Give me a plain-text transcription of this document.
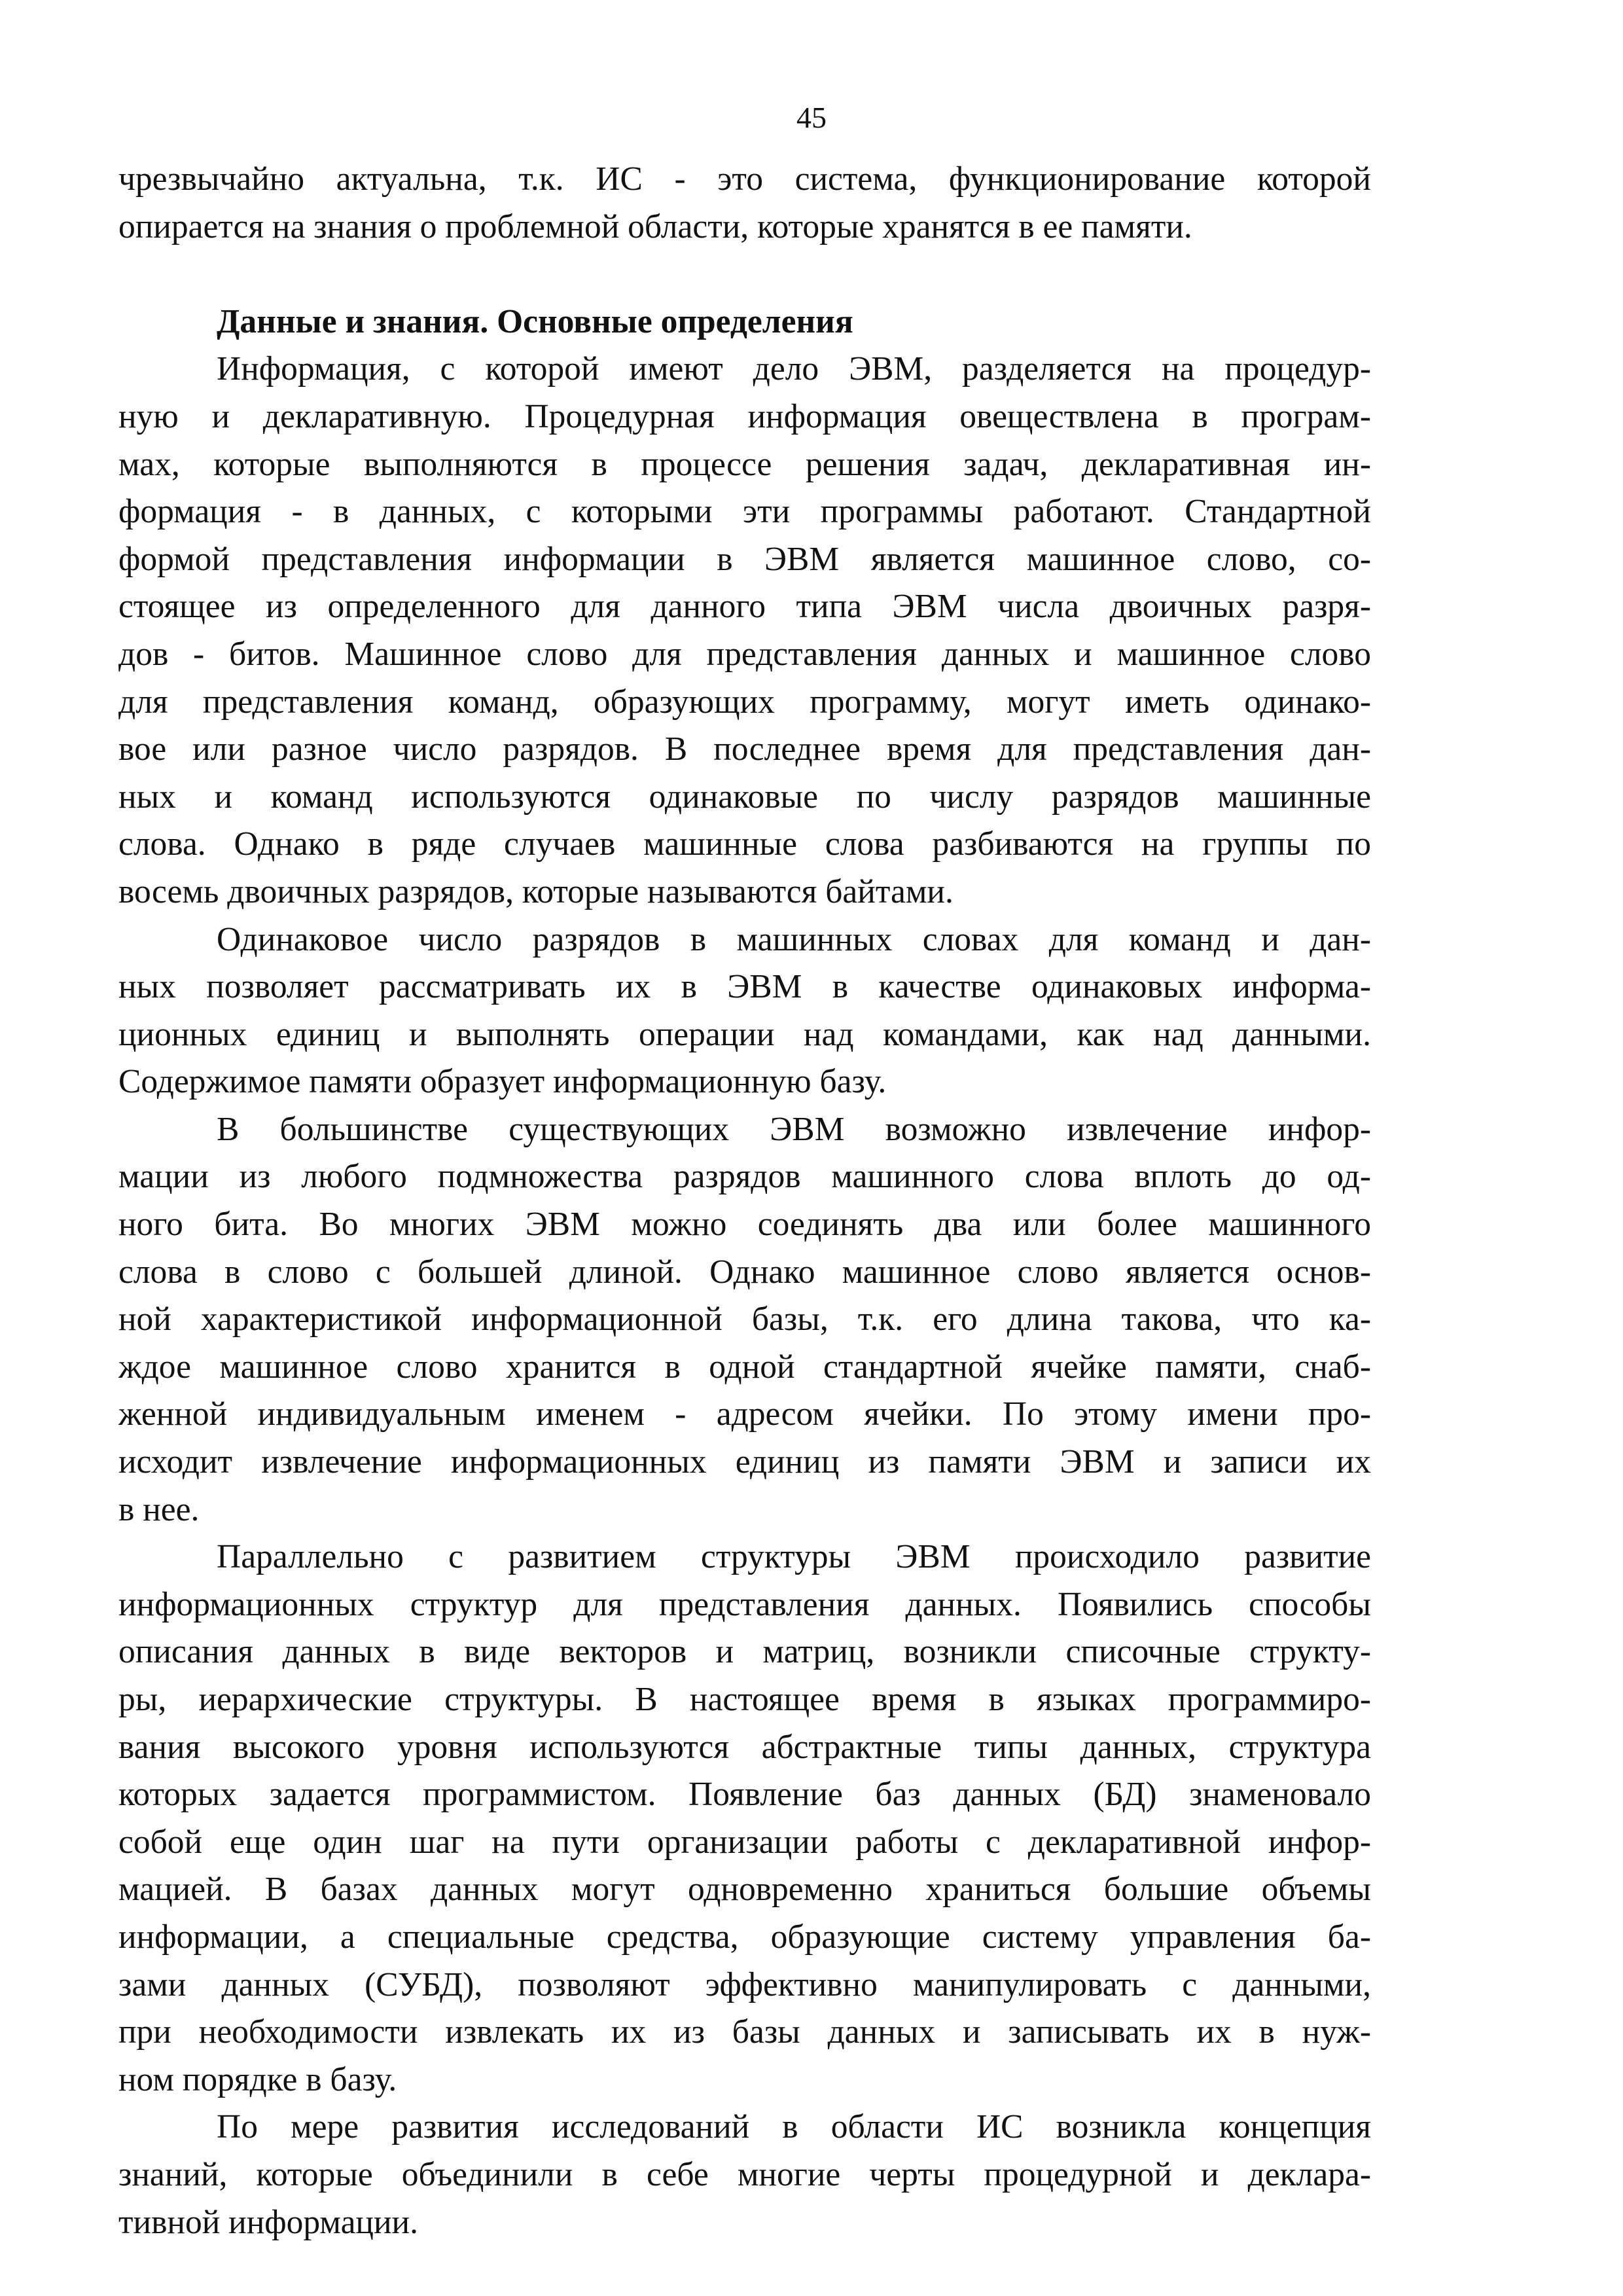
45
чрезвычайно актуальна, т.к. ИС - это система, функционирование которой
опирается на знания о проблемной области, которые хранятся в ее памяти.
Данные и знания. Основные определения
Информация, с которой имеют дело ЭВМ, разделяется на процедур-
ную и декларативную. Процедурная информация овеществлена в програм-
мах, которые выполняются в процессе решения задач, декларативная ин-
формация - в данных, с которыми эти программы работают. Стандартной
формой представления информации в ЭВМ является машинное слово, со-
стоящее из определенного для данного типа ЭВМ числа двоичных разря-
дов - битов. Машинное слово для представления данных и машинное слово
для представления команд, образующих программу, могут иметь одинако-
вое или разное число разрядов. В последнее время для представления дан-
ных и команд используются одинаковые по числу разрядов машинные
слова. Однако в ряде случаев машинные слова разбиваются на группы по
восемь двоичных разрядов, которые называются байтами.
Одинаковое число разрядов в машинных словах для команд и дан-
ных позволяет рассматривать их в ЭВМ в качестве одинаковых информа-
ционных единиц и выполнять операции над командами, как над данными.
Содержимое памяти образует информационную базу.
В большинстве существующих ЭВМ возможно извлечение инфор-
мации из любого подмножества разрядов машинного слова вплоть до од-
ного бита. Во многих ЭВМ можно соединять два или более машинного
слова в слово с большей длиной. Однако машинное слово является основ-
ной характеристикой информационной базы, т.к. его длина такова, что ка-
ждое машинное слово хранится в одной стандартной ячейке памяти, снаб-
женной индивидуальным именем - адресом ячейки. По этому имени про-
исходит извлечение информационных единиц из памяти ЭВМ и записи их
в нее.
Параллельно с развитием структуры ЭВМ происходило развитие
информационных структур для представления данных. Появились способы
описания данных в виде векторов и матриц, возникли списочные структу-
ры, иерархические структуры. В настоящее время в языках программиро-
вания высокого уровня используются абстрактные типы данных, структура
которых задается программистом. Появление баз данных (БД) знаменовало
собой еще один шаг на пути организации работы с декларативной инфор-
мацией. В базах данных могут одновременно храниться большие объемы
информации, а специальные средства, образующие систему управления ба-
зами данных (СУБД), позволяют эффективно манипулировать с данными,
при необходимости извлекать их из базы данных и записывать их в нуж-
ном порядке в базу.
По мере развития исследований в области ИС возникла концепция
знаний, которые объединили в себе многие черты процедурной и деклара-
тивной информации.
